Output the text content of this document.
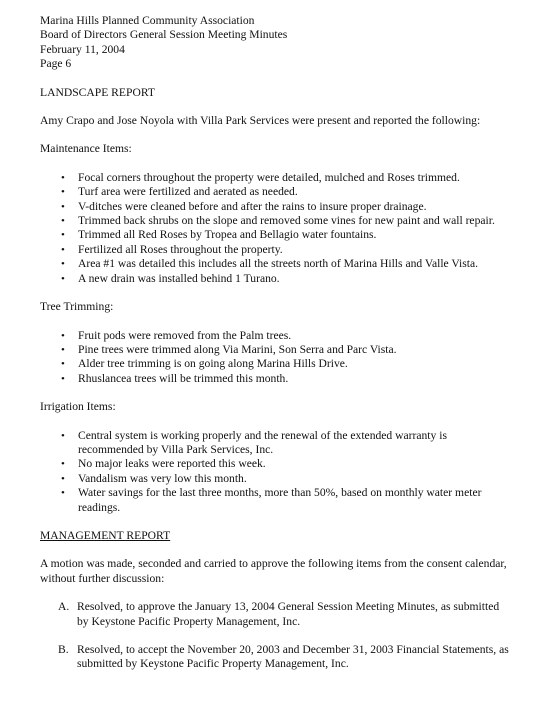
Marina Hills Planned Community Association
Board of Directors General Session Meeting Minutes
February 11, 2004
Page 6
LANDSCAPE REPORT
Amy Crapo and Jose Noyola with Villa Park Services were present and reported the following:
Maintenance Items:
• Focal corners throughout the property were detailed, mulched and Roses trimmed.
• Turf area were fertilized and aerated as needed.
• V-ditches were cleaned before and after the rains to insure proper drainage.
• Trimmed back shrubs on the slope and removed some vines for new paint and wall repair.
• Trimmed all Red Roses by Tropea and Bellagio water fountains.
• Fertilized all Roses throughout the property.
• Area #1 was detailed this includes all the streets north of Marina Hills and Valle Vista.
• A new drain was installed behind 1 Turano.
Tree Trimming:
• Fruit pods were removed from the Palm trees.
• Pine trees were trimmed along Via Marini, Son Serra and Parc Vista.
• Alder tree trimming is on going along Marina Hills Drive.
• Rhuslancea trees will be trimmed this month.
Irrigation Items:
• Central system is working properly and the renewal of the extended warranty is recommended by Villa Park Services, Inc.
• No major leaks were reported this week.
• Vandalism was very low this month.
• Water savings for the last three months, more than 50%, based on monthly water meter readings.
MANAGEMENT REPORT
A motion was made, seconded and carried to approve the following items from the consent calendar, without further discussion:
A. Resolved, to approve the January 13, 2004 General Session Meeting Minutes, as submitted by Keystone Pacific Property Management, Inc.
B. Resolved, to accept the November 20, 2003 and December 31, 2003 Financial Statements, as submitted by Keystone Pacific Property Management, Inc.
